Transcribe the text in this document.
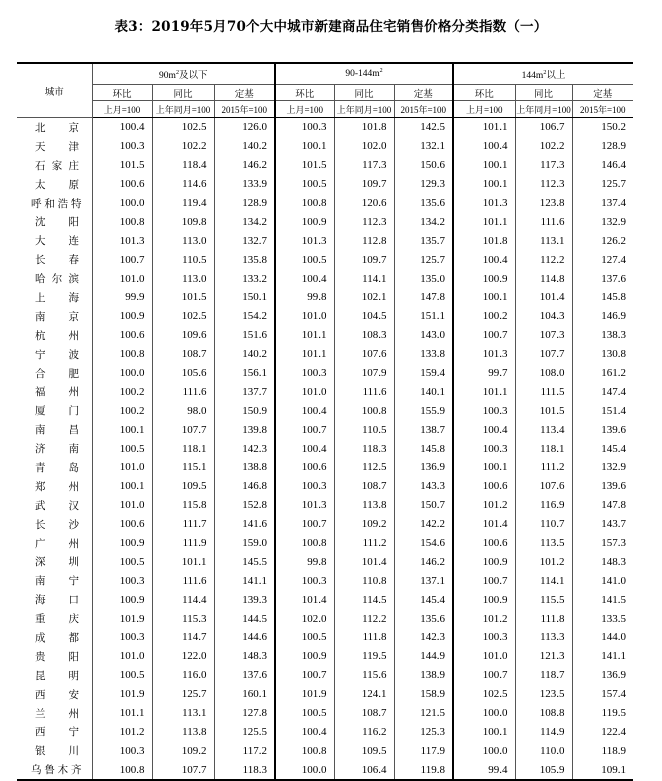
表3：2019年5月70个大中城市新建商品住宅销售价格分类指数（一）
城市	$90m^2$及以下			$90-144m^2$			$144m^2$以上		
	环比	同比	定基	环比	同比	定基	环比	同比	定基
	上月=100	上年同月=100	2015年=100	上月=100	上年同月=100	2015年=100	上月=100	上年同月=100	2015年=100
北京	100.4	102.5	126.0	100.3	101.8	142.5	101.1	106.7	150.2
天津	100.3	102.2	140.2	100.1	102.0	132.1	100.4	102.2	128.9
石家庄	101.5	118.4	146.2	101.5	117.3	150.6	100.1	117.3	146.4
太原	100.6	114.6	133.9	100.5	109.7	129.3	100.1	112.3	125.7
呼和浩特	100.0	119.4	128.9	100.8	120.6	135.6	101.3	123.8	137.4
沈阳	100.8	109.8	134.2	100.9	112.3	134.2	101.1	111.6	132.9
大连	101.3	113.0	132.7	101.3	112.8	135.7	101.8	113.1	126.2
长春	100.7	110.5	135.8	100.5	109.7	125.7	100.4	112.2	127.4
哈尔滨	101.0	113.0	133.2	100.4	114.1	135.0	100.9	114.8	137.6
上海	99.9	101.5	150.1	99.8	102.1	147.8	100.1	101.4	145.8
南京	100.9	102.5	154.2	101.0	104.5	151.1	100.2	104.3	146.9
杭州	100.6	109.6	151.6	101.1	108.3	143.0	100.7	107.3	138.3
宁波	100.8	108.7	140.2	101.1	107.6	133.8	101.3	107.7	130.8
合肥	100.0	105.6	156.1	100.3	107.9	159.4	99.7	108.0	161.2
福州	100.2	111.6	137.7	101.0	111.6	140.1	101.1	111.5	147.4
厦门	100.2	98.0	150.9	100.4	100.8	155.9	100.3	101.5	151.4
南昌	100.1	107.7	139.8	100.7	110.5	138.7	100.4	113.4	139.6
济南	100.5	118.1	142.3	100.4	118.3	145.8	100.3	118.1	145.4
青岛	101.0	115.1	138.8	100.6	112.5	136.9	100.1	111.2	132.9
郑州	100.1	109.5	146.8	100.3	108.7	143.3	100.6	107.6	139.6
武汉	101.0	115.8	152.8	101.3	113.8	150.7	101.2	116.9	147.8
长沙	100.6	111.7	141.6	100.7	109.2	142.2	101.4	110.7	143.7
广州	100.9	111.9	159.0	100.8	111.2	154.6	100.6	113.5	157.3
深圳	100.5	101.1	145.5	99.8	101.4	146.2	100.9	101.2	148.3
南宁	100.3	111.6	141.1	100.3	110.8	137.1	100.7	114.1	141.0
海口	100.9	114.4	139.3	101.4	114.5	145.4	100.9	115.5	141.5
重庆	101.9	115.3	144.5	102.0	112.2	135.6	101.2	111.8	133.5
成都	100.3	114.7	144.6	100.5	111.8	142.3	100.3	113.3	144.0
贵阳	101.0	122.0	148.3	100.9	119.5	144.9	101.0	121.3	141.1
昆明	100.5	116.0	137.6	100.7	115.6	138.9	100.7	118.7	136.9
西安	101.9	125.7	160.1	101.9	124.1	158.9	102.5	123.5	157.4
兰州	101.1	113.1	127.8	100.5	108.7	121.5	100.0	108.8	119.5
西宁	101.2	113.8	125.5	100.4	116.2	125.3	100.1	114.9	122.4
银川	100.3	109.2	117.2	100.8	109.5	117.9	100.0	110.0	118.9
乌鲁木齐	100.8	107.7	118.3	100.0	106.4	119.8	99.4	105.9	109.1
